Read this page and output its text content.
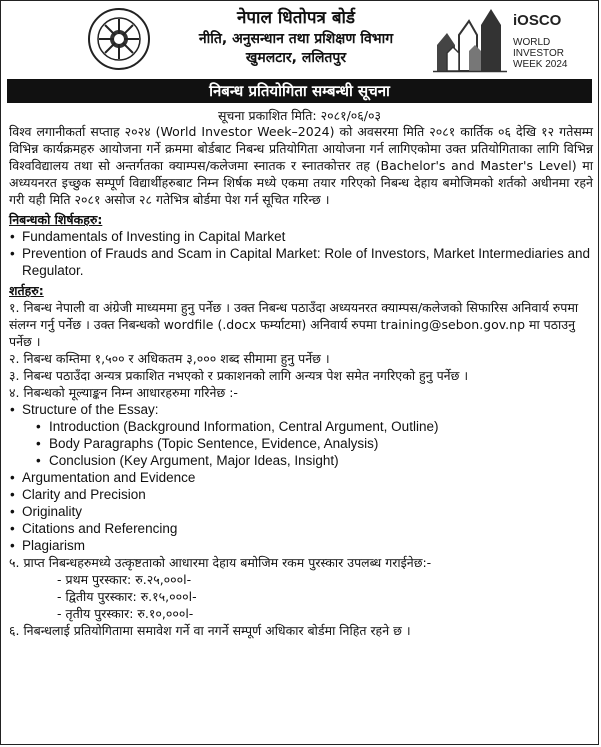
नेपाल धितोपत्र बोर्ड
नीति, अनुसन्धान तथा प्रशिक्षण विभाग
खुमलटार, ललितपुर
iOSCO
WORLD
INVESTOR
WEEK 2024
निबन्ध प्रतियोगिता सम्बन्धी सूचना
सूचना प्रकाशित मिति: २०८१/०६/०३

विश्व लगानीकर्ता सप्ताह २०२४ (World Investor Week–2024) को अवसरमा मिति २०८१ कार्तिक ०६ देखि १२ गतेसम्म विभिन्न कार्यक्रमहरु आयोजना गर्ने क्रममा बोर्डबाट निबन्ध प्रतियोगिता आयोजना गर्न लागिएकोमा उक्त प्रतियोगिताका लागि विभिन्न विश्वविद्यालय तथा सो अन्तर्गतका क्याम्पस/कलेजमा स्नातक र स्नातकोत्तर तह (Bachelor's and Master's Level) मा अध्ययनरत इच्छुक सम्पूर्ण विद्यार्थीहरुबाट निम्न शिर्षक मध्ये एकमा तयार गरिएको निबन्ध देहाय बमोजिमको शर्तको अधीनमा रहने गरी यही मिति २०८१ असोज २८ गतेभित्र बोर्डमा पेश गर्न सूचित गरिन्छ ।

निबन्धको शिर्षकहरु:

• Fundamentals of Investing in Capital Market

• Prevention of Frauds and Scam in Capital Market: Role of Investors, Market Intermediaries and Regulator.

शर्तहरु:

१. निबन्ध नेपाली वा अंग्रेजी माध्यममा हुनु पर्नेछ । उक्त निबन्ध पठाउँदा अध्ययनरत क्याम्पस/कलेजको सिफारिस अनिवार्य रुपमा संलग्न गर्नु पर्नेछ । उक्त निबन्धको wordfile (.docx फर्म्याटमा) अनिवार्य रुपमा training@sebon.gov.np मा पठाउनु पर्नेछ ।

२. निबन्ध कम्तिमा १,५०० र अधिकतम ३,००० शब्द सीमामा हुनु पर्नेछ ।

३. निबन्ध पठाउँदा अन्यत्र प्रकाशित नभएको र प्रकाशनको लागि अन्यत्र पेश समेत नगरिएको हुनु पर्नेछ ।

४. निबन्धको मूल्याङ्कन निम्न आधारहरुमा गरिनेछ :-

• Structure of the Essay:

• Introduction (Background Information, Central Argument, Outline)

• Body Paragraphs (Topic Sentence, Evidence, Analysis)

• Conclusion (Key Argument, Major Ideas, Insight)

• Argumentation and Evidence

• Clarity and Precision

• Originality

• Citations and Referencing

• Plagiarism

५. प्राप्त निबन्धहरुमध्ये उत्कृष्टताको आधारमा देहाय बमोजिम रकम पुरस्कार उपलब्ध गराईनेछ:-

- प्रथम पुरस्कार: रु.२५,०००l-

- द्वितीय पुरस्कार: रु.१५,०००l-

- तृतीय पुरस्कार: रु.१०,०००l-

६. निबन्धलाई प्रतियोगितामा समावेश गर्ने वा नगर्ने सम्पूर्ण अधिकार बोर्डमा निहित रहने छ ।
